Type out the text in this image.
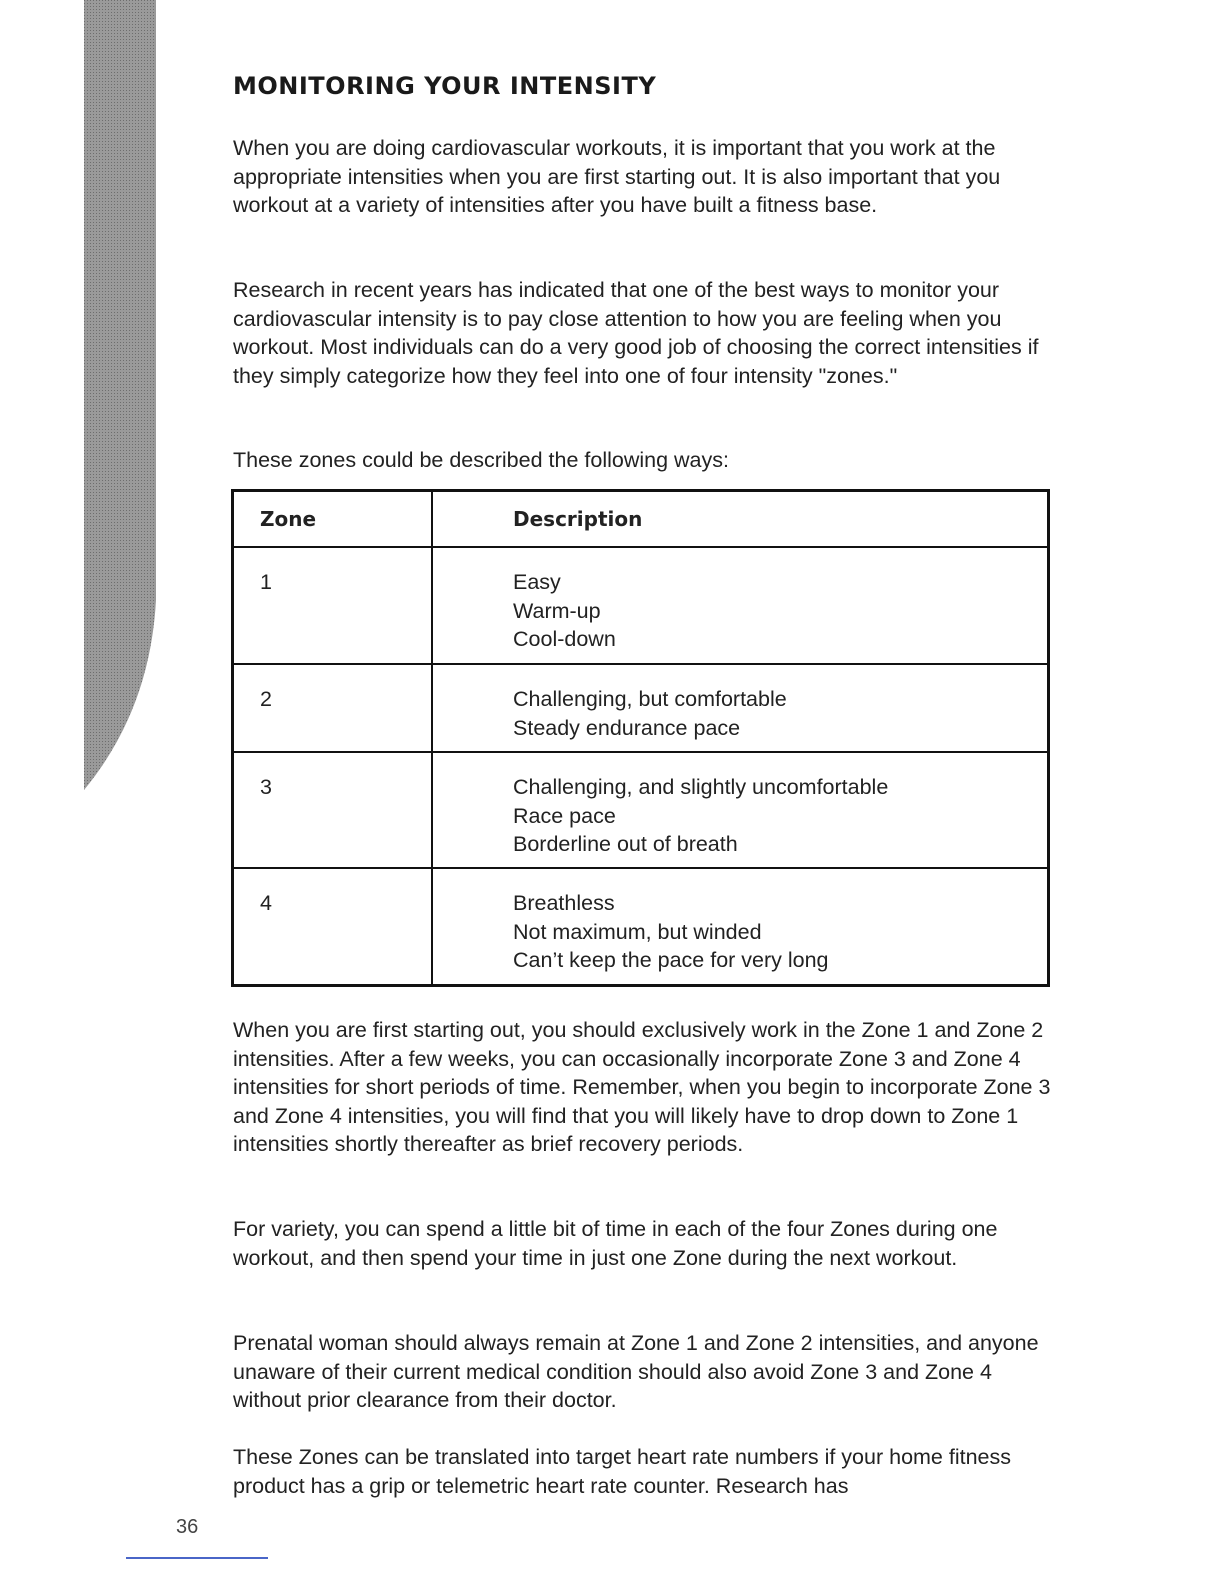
FITNESS GUIDE
MONITORING YOUR INTENSITY

When you are doing cardiovascular workouts, it is important that you work at the appropriate intensities when you are first starting out. It is also important that you workout at a variety of intensities after you have built a fitness base.

Research in recent years has indicated that one of the best ways to monitor your cardiovascular intensity is to pay close attention to how you are feeling when you workout. Most individuals can do a very good job of choosing the correct intensities if they simply categorize how they feel into one of four intensity "zones."

These zones could be described the following ways:

Zone	Description
1	Easy
Warm-up
Cool-down

2	Challenging, but comfortable
Steady endurance pace

3	Challenging, and slightly uncomfortable
Race pace
Borderline out of breath

4	Breathless
Not maximum, but winded
Can’t keep the pace for very long

When you are first starting out, you should exclusively work in the Zone 1 and Zone 2 intensities. After a few weeks, you can occasionally incorporate Zone 3 and Zone 4 intensities for short periods of time. Remember, when you begin to incorporate Zone 3 and Zone 4 intensities, you will find that you will likely have to drop down to Zone 1 intensities shortly thereafter as brief recovery periods.

For variety, you can spend a little bit of time in each of the four Zones during one workout, and then spend your time in just one Zone during the next workout.

Prenatal woman should always remain at Zone 1 and Zone 2 intensities, and anyone unaware of their current medical condition should also avoid Zone 3 and Zone 4 without prior clearance from their doctor.

These Zones can be translated into target heart rate numbers if your home fitness product has a grip or telemetric heart rate counter. Research has

36
